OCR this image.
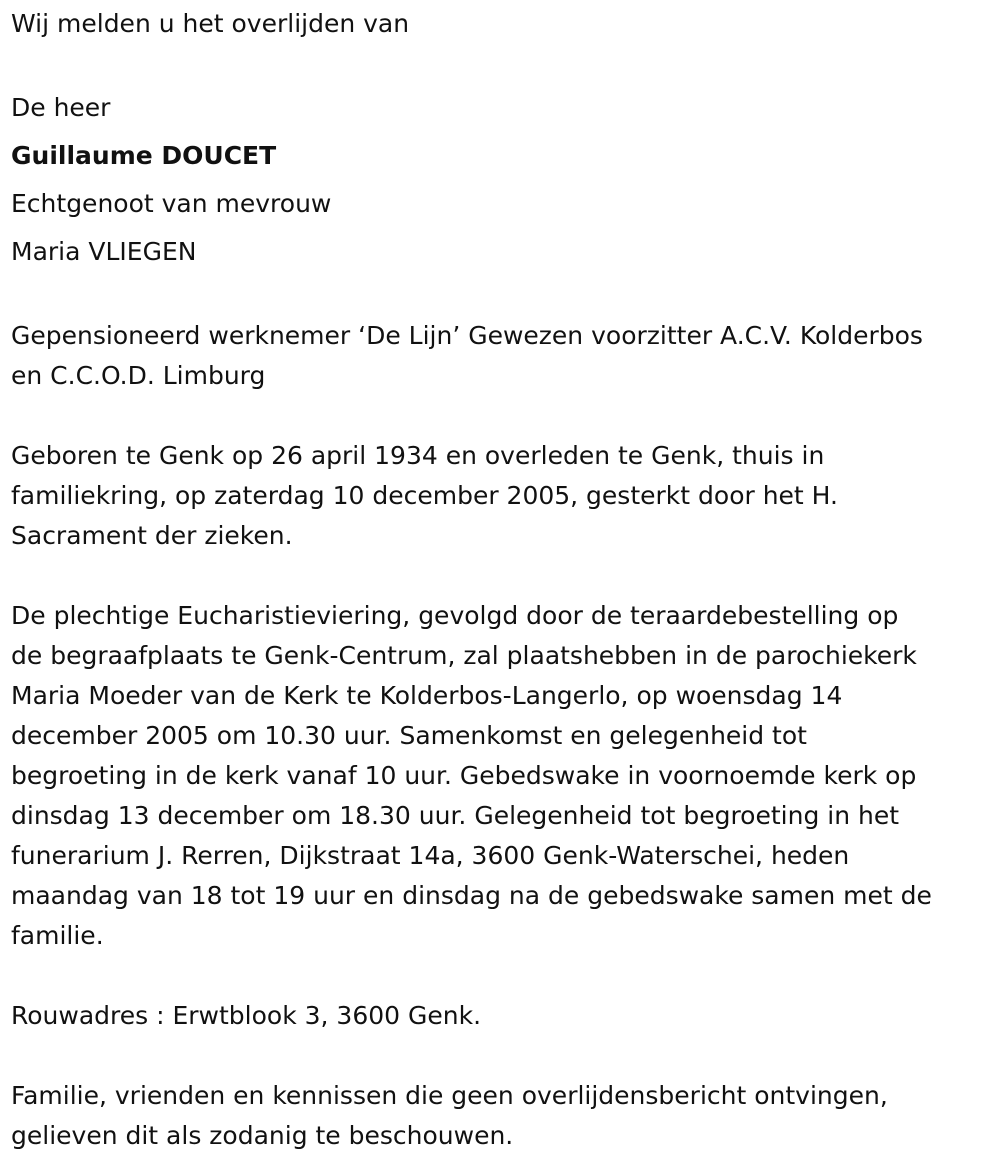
Wij melden u het overlijden van

De heer

Guillaume DOUCET

Echtgenoot van mevrouw

Maria VLIEGEN

Gepensioneerd werknemer ‘De Lijn’ Gewezen voorzitter A.C.V. Kolderbos

en C.C.O.D. Limburg

Geboren te Genk op 26 april 1934 en overleden te Genk, thuis in

familiekring, op zaterdag 10 december 2005, gesterkt door het H.

Sacrament der zieken.

De plechtige Eucharistieviering, gevolgd door de teraardebestelling op

de begraafplaats te Genk-Centrum, zal plaatshebben in de parochiekerk

Maria Moeder van de Kerk te Kolderbos-Langerlo, op woensdag 14

december 2005 om 10.30 uur. Samenkomst en gelegenheid tot

begroeting in de kerk vanaf 10 uur. Gebedswake in voornoemde kerk op

dinsdag 13 december om 18.30 uur. Gelegenheid tot begroeting in het

funerarium J. Rerren, Dijkstraat 14a, 3600 Genk-Waterschei, heden

maandag van 18 tot 19 uur en dinsdag na de gebedswake samen met de

familie.

Rouwadres : Erwtblook 3, 3600 Genk.

Familie, vrienden en kennissen die geen overlijdensbericht ontvingen,

gelieven dit als zodanig te beschouwen.
